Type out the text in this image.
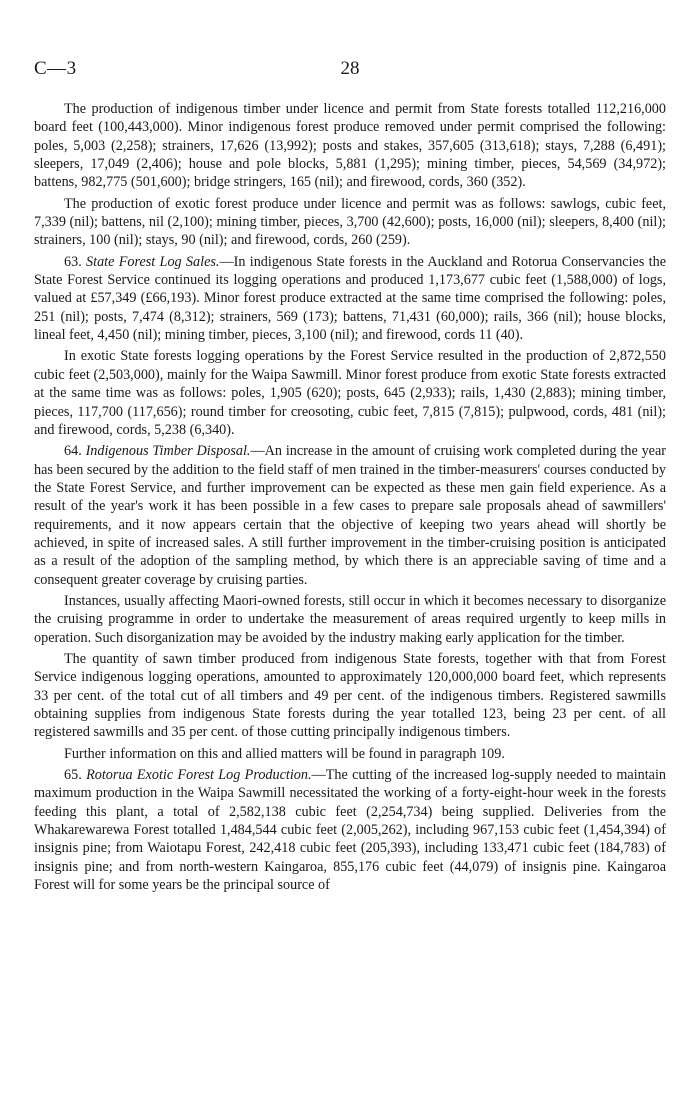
C—3	28

The production of indigenous timber under licence and permit from State forests totalled 112,216,000 board feet (100,443,000). Minor indigenous forest produce removed under permit comprised the following: poles, 5,003 (2,258); strainers, 17,626 (13,992); posts and stakes, 357,605 (313,618); stays, 7,288 (6,491); sleepers, 17,049 (2,406); house and pole blocks, 5,881 (1,295); mining timber, pieces, 54,569 (34,972); battens, 982,775 (501,600); bridge stringers, 165 (nil); and firewood, cords, 360 (352).

The production of exotic forest produce under licence and permit was as follows: sawlogs, cubic feet, 7,339 (nil); battens, nil (2,100); mining timber, pieces, 3,700 (42,600); posts, 16,000 (nil); sleepers, 8,400 (nil); strainers, 100 (nil); stays, 90 (nil); and firewood, cords, 260 (259).

63. State Forest Log Sales.—In indigenous State forests in the Auckland and Rotorua Conservancies the State Forest Service continued its logging operations and produced 1,173,677 cubic feet (1,588,000) of logs, valued at £57,349 (£66,193). Minor forest produce extracted at the same time comprised the following: poles, 251 (nil); posts, 7,474 (8,312); strainers, 569 (173); battens, 71,431 (60,000); rails, 366 (nil); house blocks, lineal feet, 4,450 (nil); mining timber, pieces, 3,100 (nil); and firewood, cords 11 (40).

In exotic State forests logging operations by the Forest Service resulted in the production of 2,872,550 cubic feet (2,503,000), mainly for the Waipa Sawmill. Minor forest produce from exotic State forests extracted at the same time was as follows: poles, 1,905 (620); posts, 645 (2,933); rails, 1,430 (2,883); mining timber, pieces, 117,700 (117,656); round timber for creosoting, cubic feet, 7,815 (7,815); pulpwood, cords, 481 (nil); and firewood, cords, 5,238 (6,340).

64. Indigenous Timber Disposal.—An increase in the amount of cruising work completed during the year has been secured by the addition to the field staff of men trained in the timber-measurers' courses conducted by the State Forest Service, and further improvement can be expected as these men gain field experience. As a result of the year's work it has been possible in a few cases to prepare sale proposals ahead of sawmillers' requirements, and it now appears certain that the objective of keeping two years ahead will shortly be achieved, in spite of increased sales. A still further improvement in the timber-cruising position is anticipated as a result of the adoption of the sampling method, by which there is an appreciable saving of time and a consequent greater coverage by cruising parties.

Instances, usually affecting Maori-owned forests, still occur in which it becomes necessary to disorganize the cruising programme in order to undertake the measurement of areas required urgently to keep mills in operation. Such disorganization may be avoided by the industry making early application for the timber.

The quantity of sawn timber produced from indigenous State forests, together with that from Forest Service indigenous logging operations, amounted to approximately 120,000,000 board feet, which represents 33 per cent. of the total cut of all timbers and 49 per cent. of the indigenous timbers. Registered sawmills obtaining supplies from indigenous State forests during the year totalled 123, being 23 per cent. of all registered sawmills and 35 per cent. of those cutting principally indigenous timbers.

Further information on this and allied matters will be found in paragraph 109.

65. Rotorua Exotic Forest Log Production.—The cutting of the increased log-supply needed to maintain maximum production in the Waipa Sawmill necessitated the working of a forty-eight-hour week in the forests feeding this plant, a total of 2,582,138 cubic feet (2,254,734) being supplied. Deliveries from the Whakarewarewa Forest totalled 1,484,544 cubic feet (2,005,262), including 967,153 cubic feet (1,454,394) of insignis pine; from Waiotapu Forest, 242,418 cubic feet (205,393), including 133,471 cubic feet (184,783) of insignis pine; and from north-western Kaingaroa, 855,176 cubic feet (44,079) of insignis pine. Kaingaroa Forest will for some years be the principal source of
